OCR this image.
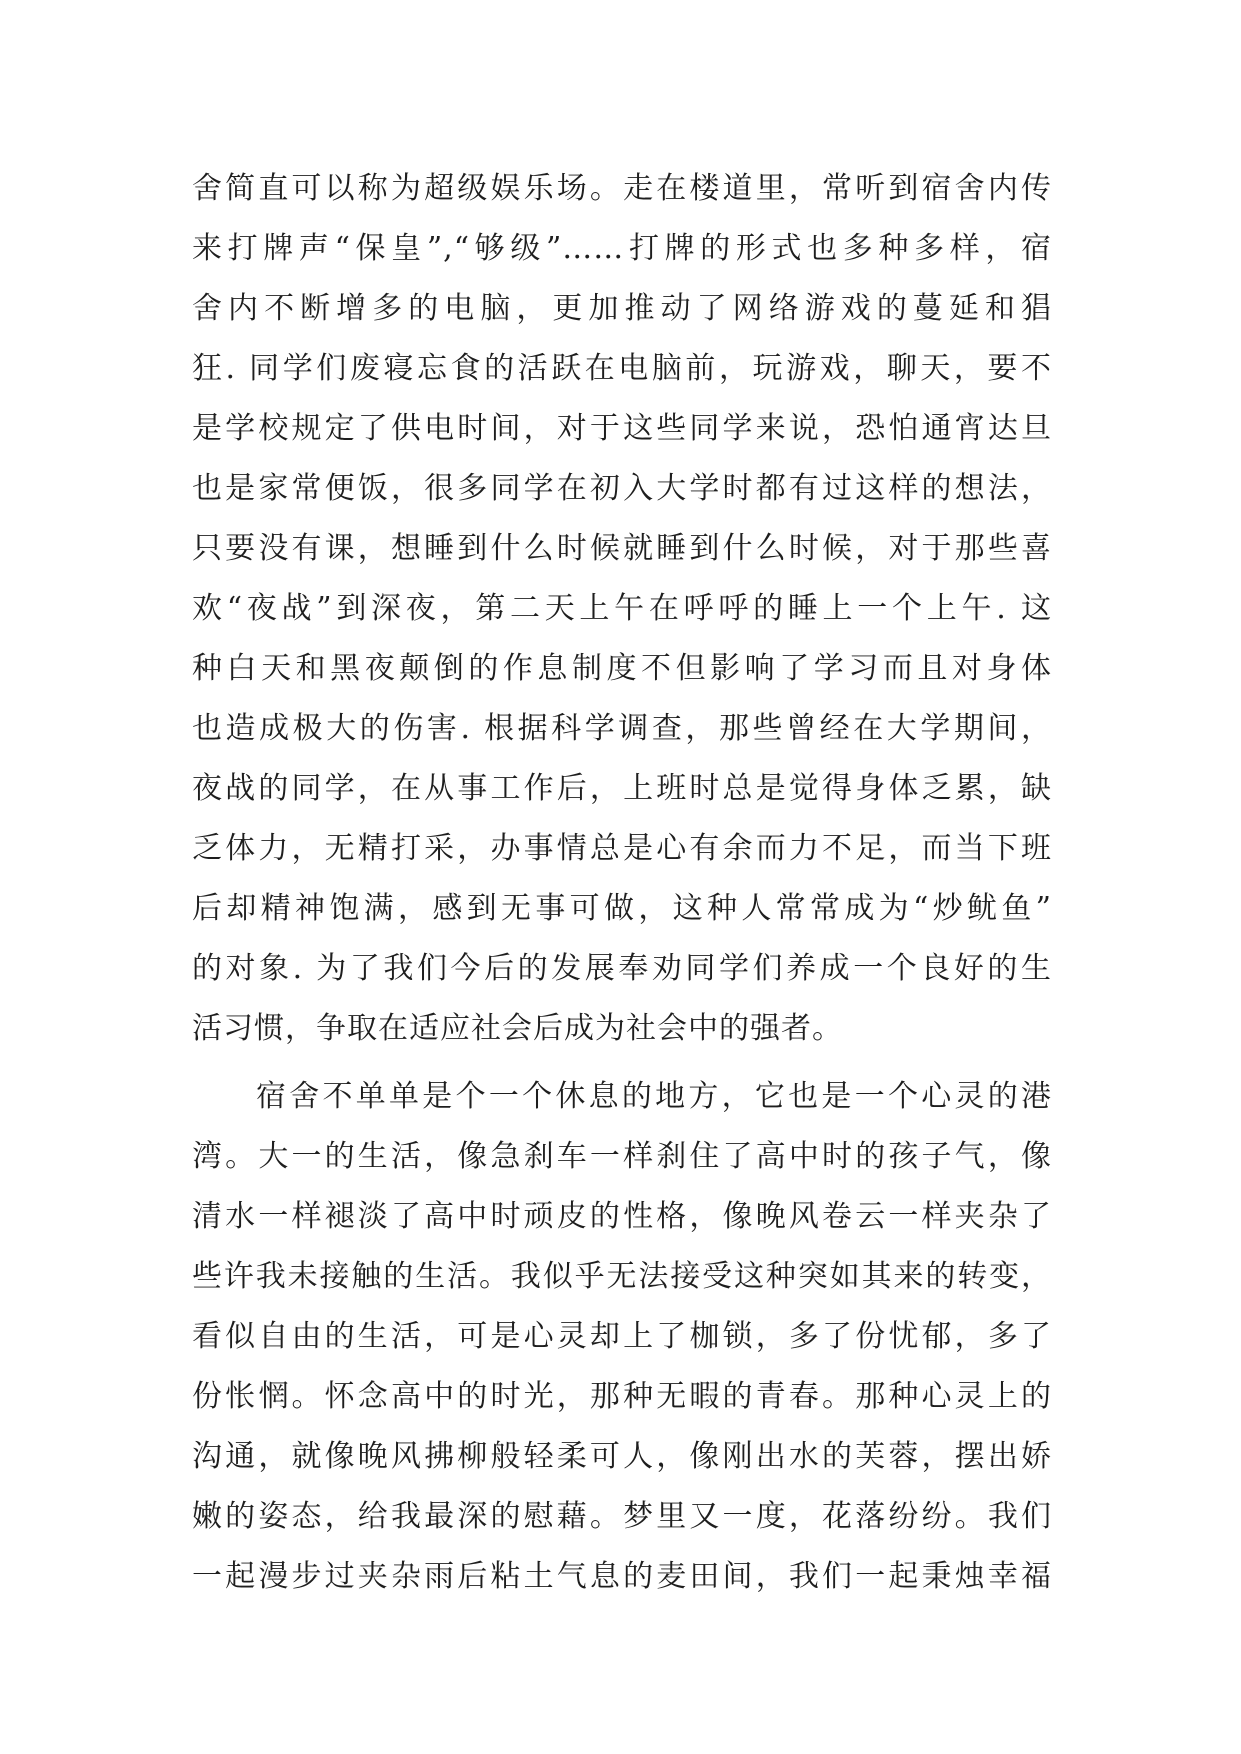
舍简直可以称为超级娱乐场。走在楼道里，常听到宿舍内传
来打牌声“保皇”,“够级”……打牌的形式也多种多样，宿
舍内不断增多的电脑，更加推动了网络游戏的蔓延和猖
狂. 同学们废寝忘食的活跃在电脑前，玩游戏，聊天，要不
是学校规定了供电时间，对于这些同学来说，恐怕通宵达旦
也是家常便饭，很多同学在初入大学时都有过这样的想法，
只要没有课，想睡到什么时候就睡到什么时候，对于那些喜
欢“夜战”到深夜，第二天上午在呼呼的睡上一个上午. 这
种白天和黑夜颠倒的作息制度不但影响了学习而且对身体
也造成极大的伤害. 根据科学调查，那些曾经在大学期间，
夜战的同学，在从事工作后，上班时总是觉得身体乏累，缺
乏体力，无精打采，办事情总是心有余而力不足，而当下班
后却精神饱满，感到无事可做，这种人常常成为“炒鱿鱼”
的对象. 为了我们今后的发展奉劝同学们养成一个良好的生
活习惯，争取在适应社会后成为社会中的强者。
宿舍不单单是个一个休息的地方，它也是一个心灵的港
湾。大一的生活，像急刹车一样刹住了高中时的孩子气，像
清水一样褪淡了高中时顽皮的性格，像晚风卷云一样夹杂了
些许我未接触的生活。我似乎无法接受这种突如其来的转变，
看似自由的生活，可是心灵却上了枷锁，多了份忧郁，多了
份怅惘。怀念高中的时光，那种无暇的青春。那种心灵上的
沟通，就像晚风拂柳般轻柔可人，像刚出水的芙蓉，摆出娇
嫩的姿态，给我最深的慰藉。梦里又一度，花落纷纷。我们
一起漫步过夹杂雨后粘土气息的麦田间，我们一起秉烛幸福
